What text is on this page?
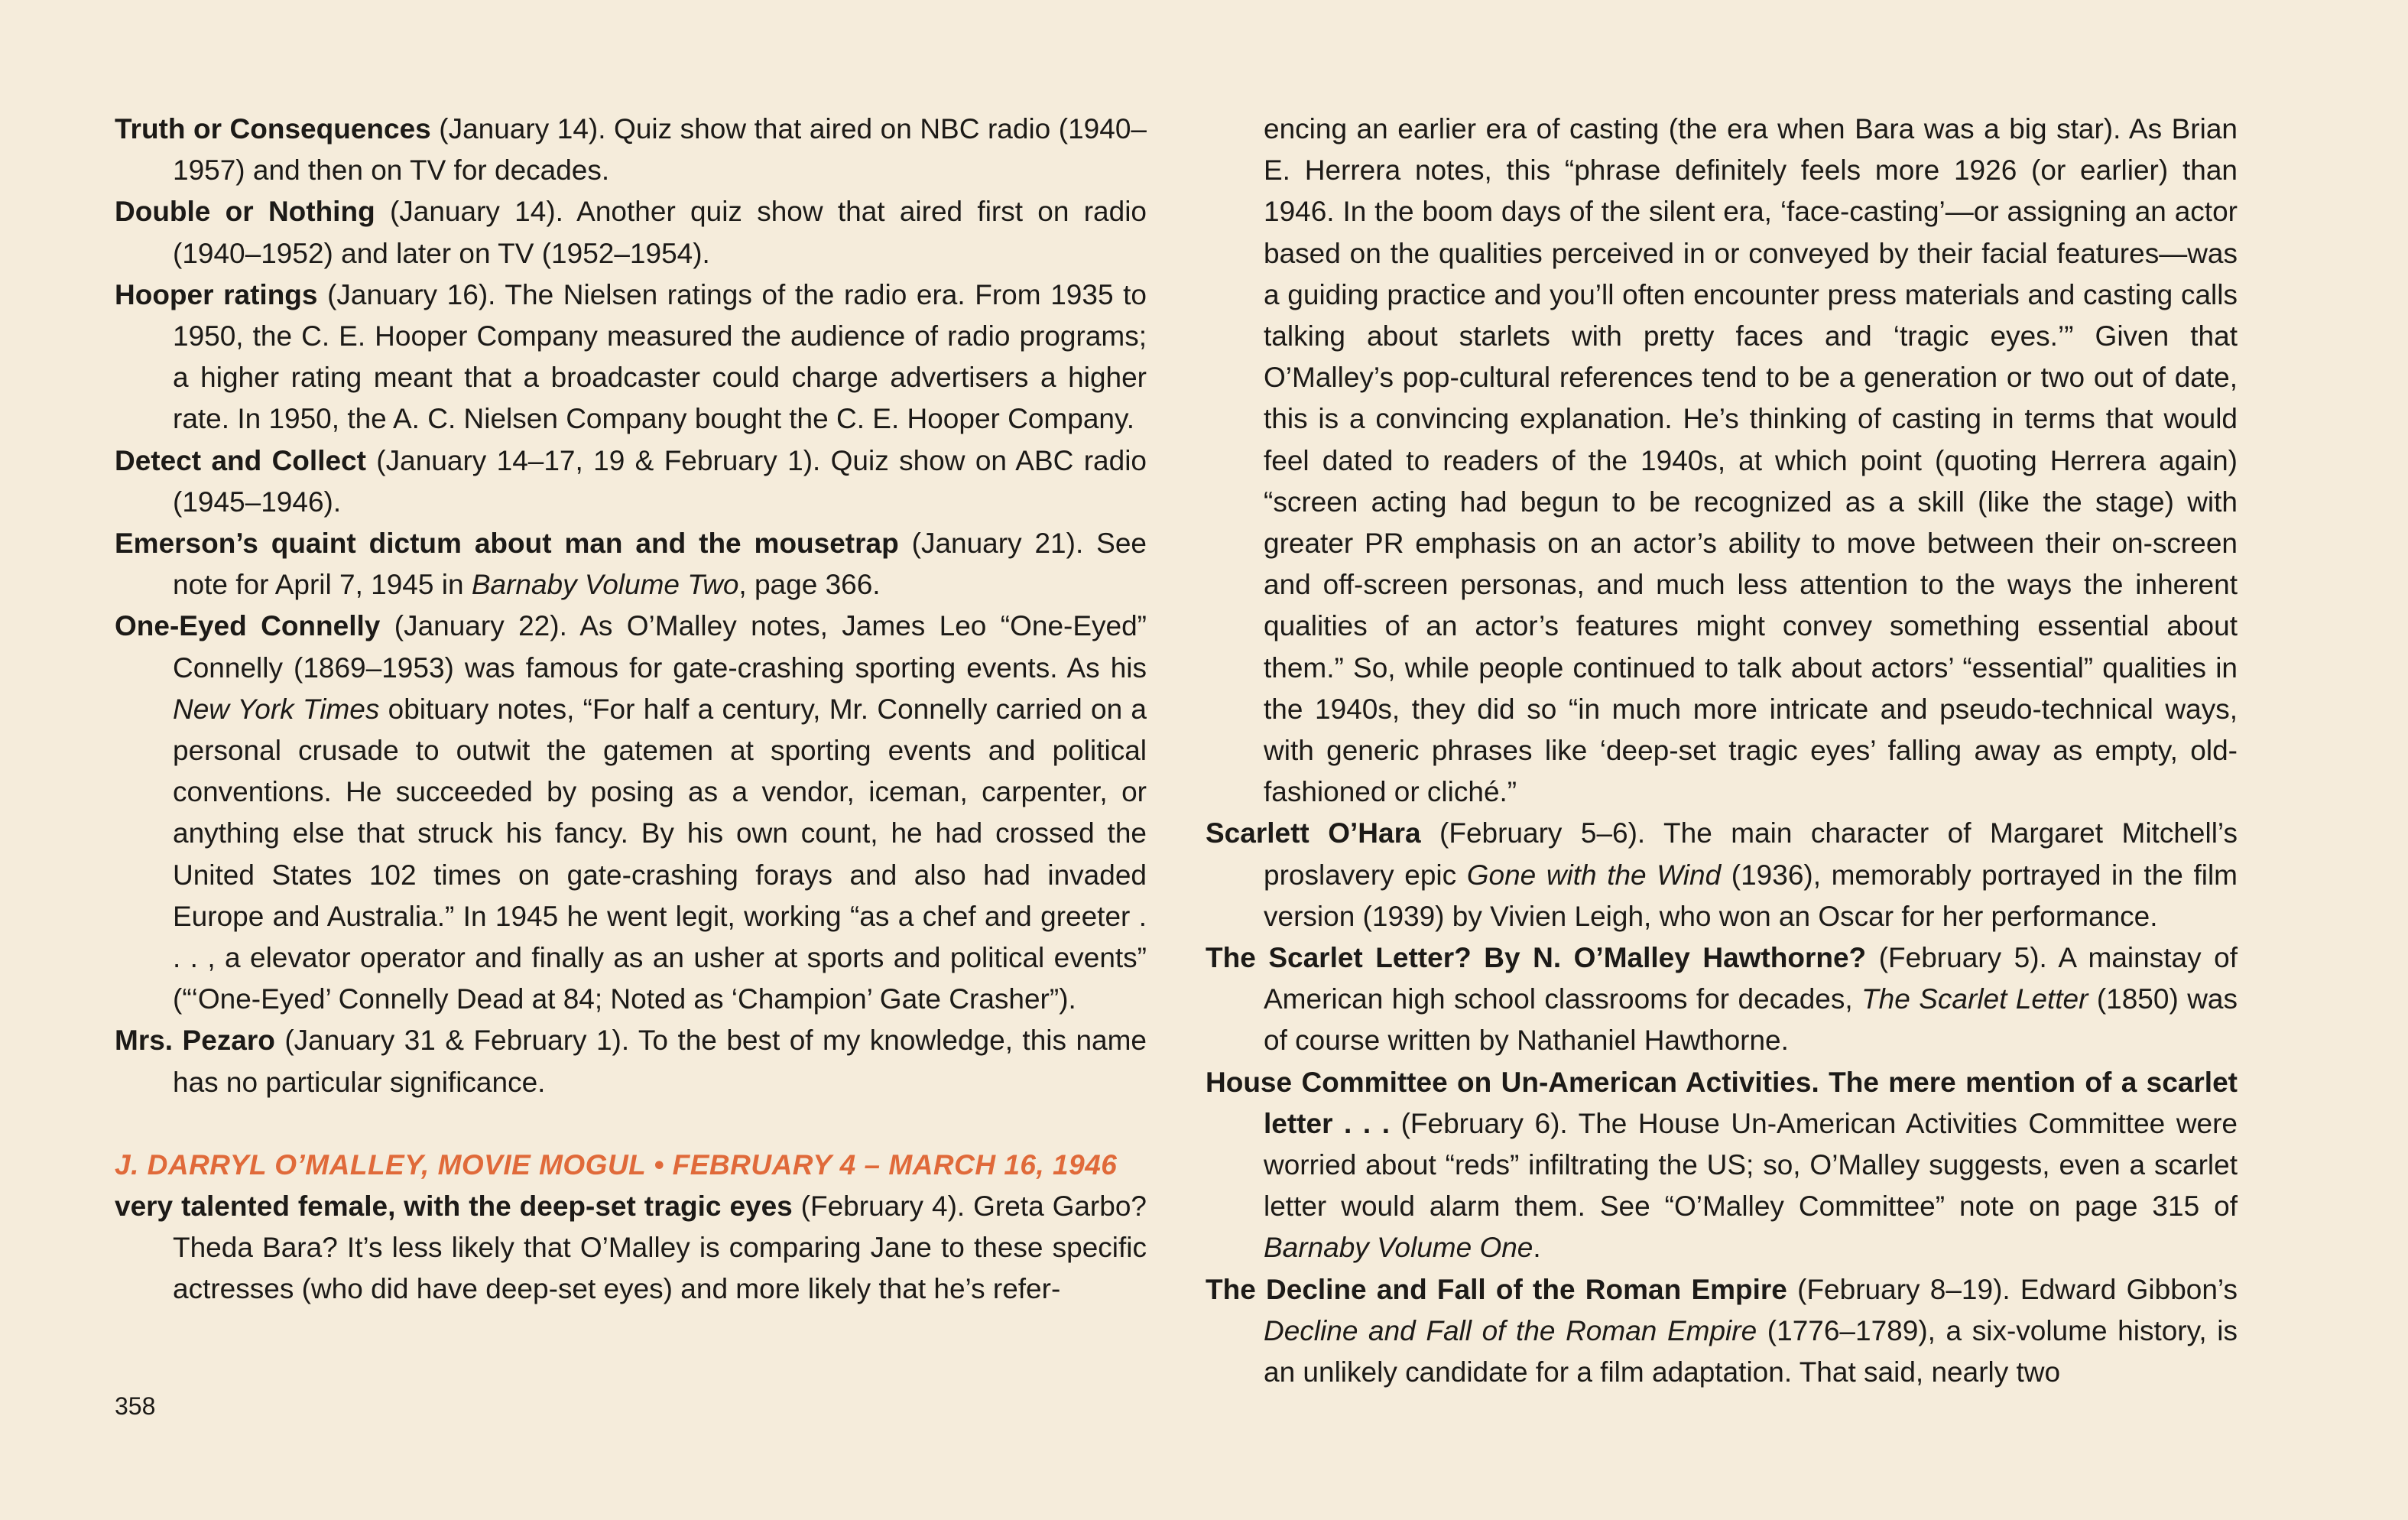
Truth or Consequences (January 14). Quiz show that aired on NBC radio (1940–1957) and then on TV for decades.

Double or Nothing (January 14). Another quiz show that aired first on radio (1940–1952) and later on TV (1952–1954).

Hooper ratings (January 16). The Nielsen ratings of the radio era. From 1935 to 1950, the C. E. Hooper Company measured the audience of radio programs; a higher rating meant that a broadcaster could charge advertisers a higher rate. In 1950, the A. C. Nielsen Company bought the C. E. Hooper Company.

Detect and Collect (January 14–17, 19 & February 1). Quiz show on ABC radio (1945–1946).

Emerson’s quaint dictum about man and the mousetrap (January 21). See note for April 7, 1945 in Barnaby Volume Two, page 366.

One-Eyed Connelly (January 22). As O’Malley notes, James Leo “One-Eyed” Connelly (1869–1953) was famous for gate-crashing sporting events. As his New York Times obituary notes, “For half a century, Mr. Connelly carried on a personal crusade to outwit the gatemen at sporting events and political conventions. He succeeded by posing as a vendor, iceman, carpenter, or anything else that struck his fancy. By his own count, he had crossed the United States 102 times on gate-crashing forays and also had invaded Europe and Australia.” In 1945 he went legit, working “as a chef and greeter . . . , a elevator operator and finally as an usher at sports and political events” (“‘One-Eyed’ Connelly Dead at 84; Noted as ‘Champion’ Gate Crasher”).

Mrs. Pezaro (January 31 & February 1). To the best of my knowledge, this name has no particular significance.

J. DARRYL O’MALLEY, MOVIE MOGUL • FEBRUARY 4 – MARCH 16, 1946

very talented female, with the deep-set tragic eyes (February 4). Greta Garbo? Theda Bara? It’s less likely that O’Malley is comparing Jane to these specific actresses (who did have deep-set eyes) and more likely that he’s refer-

encing an earlier era of casting (the era when Bara was a big star). As Brian E. Herrera notes, this “phrase definitely feels more 1926 (or earlier) than 1946. In the boom days of the silent era, ‘face-casting’—or assigning an actor based on the qualities perceived in or conveyed by their facial features—was a guiding practice and you’ll often encounter press materials and casting calls talking about starlets with pretty faces and ‘tragic eyes.’” Given that O’Malley’s pop-cultural references tend to be a generation or two out of date, this is a convincing explanation. He’s thinking of casting in terms that would feel dated to readers of the 1940s, at which point (quoting Herrera again) “screen acting had begun to be recognized as a skill (like the stage) with greater PR emphasis on an actor’s ability to move between their on-screen and off-screen personas, and much less attention to the ways the inherent qualities of an actor’s features might convey something essential about them.” So, while people continued to talk about actors’ “essential” qualities in the 1940s, they did so “in much more intricate and pseudo-technical ways, with generic phrases like ‘deep-set tragic eyes’ falling away as empty, old-fashioned or cliché.”

Scarlett O’Hara (February 5–6). The main character of Margaret Mitchell’s proslavery epic Gone with the Wind (1936), memorably portrayed in the film version (1939) by Vivien Leigh, who won an Oscar for her performance.

The Scarlet Letter? By N. O’Malley Hawthorne? (February 5). A mainstay of American high school classrooms for decades, The Scarlet Letter (1850) was of course written by Nathaniel Hawthorne.

House Committee on Un-American Activities. The mere mention of a scarlet letter . . . (February 6). The House Un-American Activities Committee were worried about “reds” infiltrating the US; so, O’Malley suggests, even a scarlet letter would alarm them. See “O’Malley Committee” note on page 315 of Barnaby Volume One.

The Decline and Fall of the Roman Empire (February 8–19). Edward Gibbon’s Decline and Fall of the Roman Empire (1776–1789), a six-volume history, is an unlikely candidate for a film adaptation. That said, nearly two

358
